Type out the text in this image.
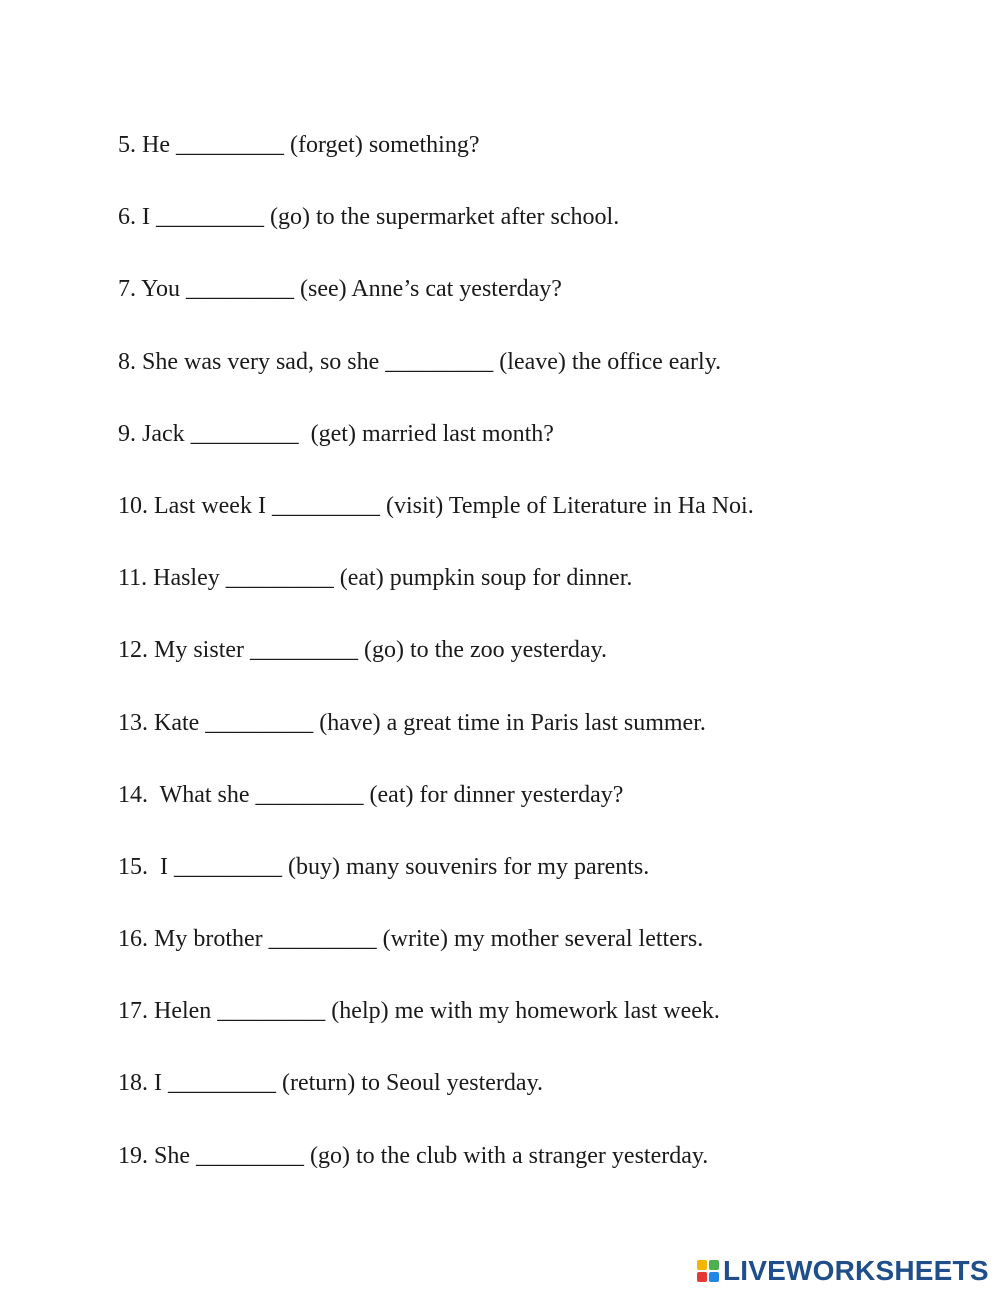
5. He _________ (forget) something?
6. I _________ (go) to the supermarket after school.
7. You _________ (see) Anne’s cat yesterday?
8. She was very sad, so she _________ (leave) the office early.
9. Jack _________  (get) married last month?
10. Last week I _________ (visit) Temple of Literature in Ha Noi.
11. Hasley _________ (eat) pumpkin soup for dinner.
12. My sister _________ (go) to the zoo yesterday.
13. Kate _________ (have) a great time in Paris last summer.
14.  What she _________ (eat) for dinner yesterday?
15.  I _________ (buy) many souvenirs for my parents.
16. My brother _________ (write) my mother several letters.
17. Helen _________ (help) me with my homework last week.
18. I _________ (return) to Seoul yesterday.
19. She _________ (go) to the club with a stranger yesterday.
LIVEWORKSHEETS
